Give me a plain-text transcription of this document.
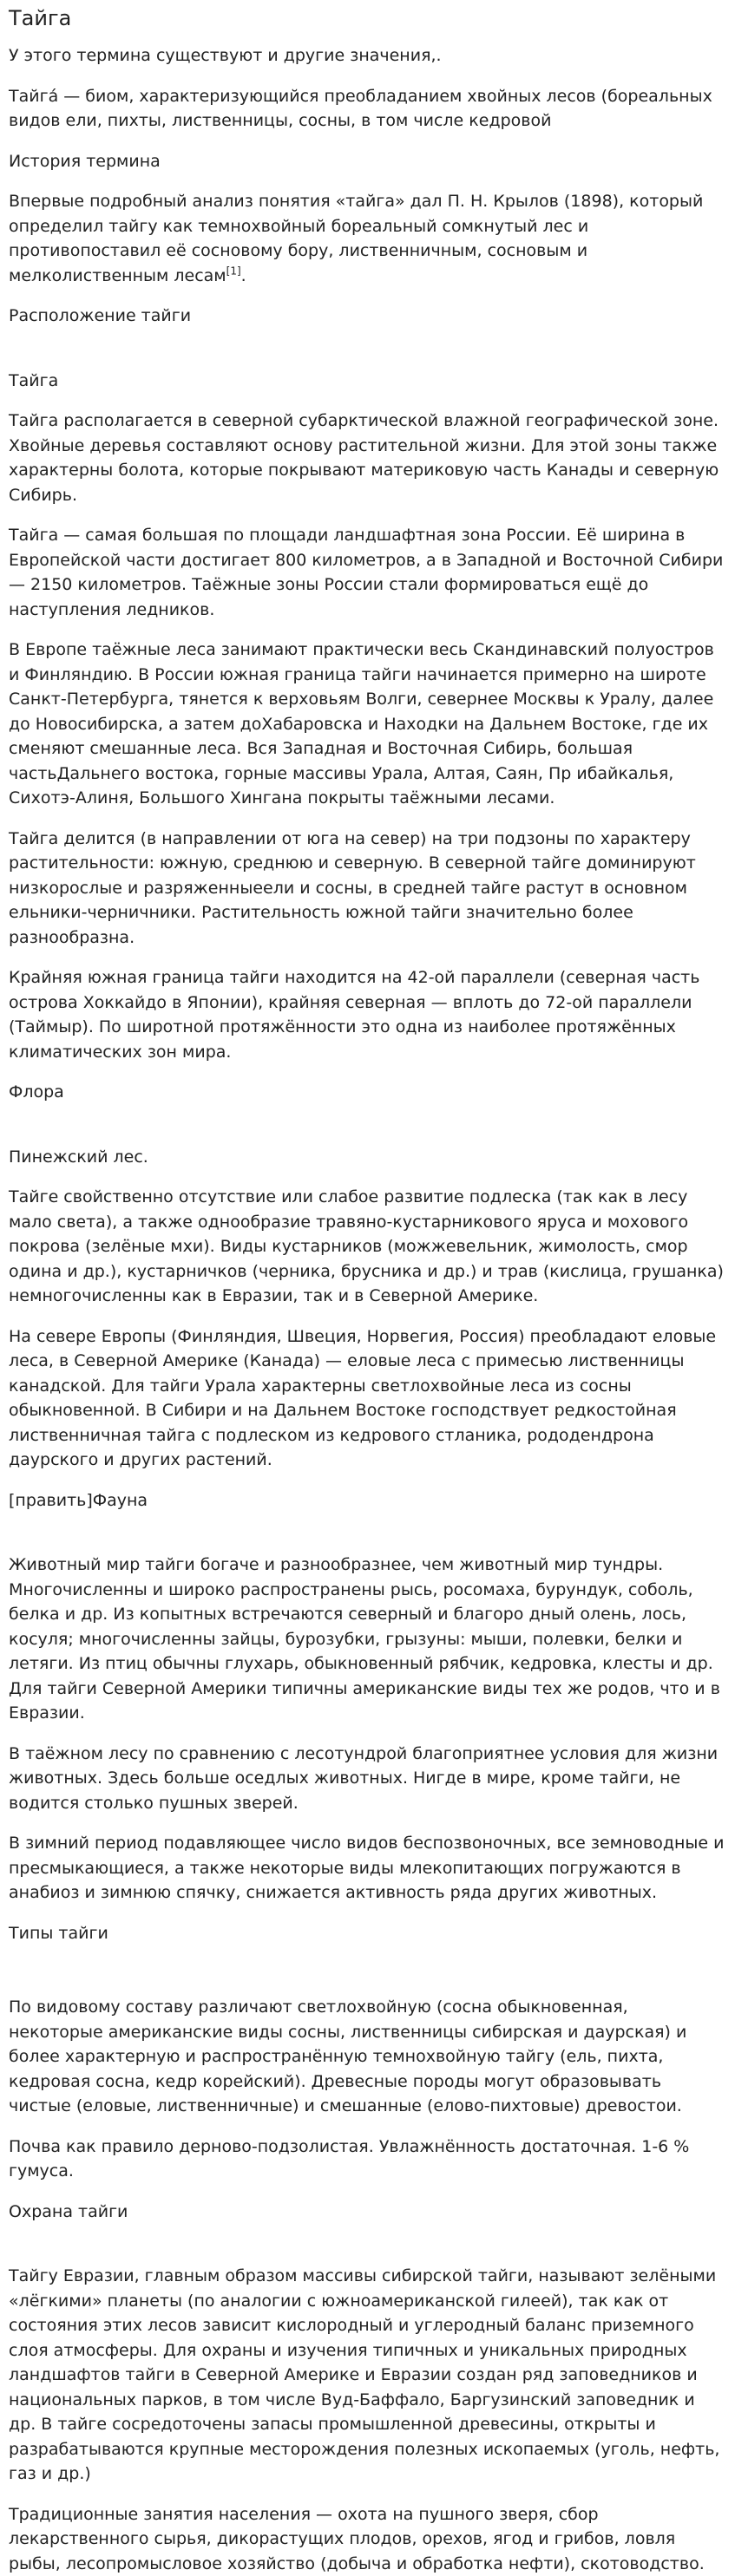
Тайга

У этого термина существуют и другие значения,.

Тайга́ — биом, характеризующийся преобладанием хвойных лесов (бореальных видов ели, пихты, лиственницы, сосны, в том числе кедровой

История термина

Впервые подробный анализ понятия «тайга» дал П. Н. Крылов (1898), который определил тайгу как темнохвойный бореальный сомкнутый лес и противопоставил её сосновому бору, лиственничным, сосновым и мелколиственным лесам[1].

Расположение тайги
Тайга

Тайга располагается в северной субарктической влажной географической зоне. Хвойные деревья составляют основу растительной жизни. Для этой зоны также характерны болота, которые покрывают материковую часть Канады и северную Сибирь.

Тайга — самая большая по площади ландшафтная зона России. Её ширина в Европейской части достигает 800 километров, а в Западной и Восточной Сибири — 2150 километров. Таёжные зоны России стали формироваться ещё до наступления ледников.

В Европе таёжные леса занимают практически весь Скандинавский полуостров и Финляндию. В России южная граница тайги начинается примерно на широте Санкт-Петербурга, тянется к верховьям Волги, севернее Москвы к Уралу, далее до Новосибирска, а затем доХабаровска и Находки на Дальнем Востоке, где их сменяют смешанные леса. Вся Западная и Восточная Сибирь, большая частьДальнего востока, горные массивы Урала, Алтая, Саян, Пр ибайкалья, Сихотэ-Алиня, Большого Хингана покрыты таёжными лесами.

Тайга делится (в направлении от юга на север) на три подзоны по характеру растительности: южную, среднюю и северную. В северной тайге доминируют низкорослые и разряженныеели и сосны, в средней тайге растут в основном ельники-черничники. Растительность южной тайги значительно более разнообразна.

Крайняя южная граница тайги находится на 42-ой параллели (северная часть острова Хоккайдо в Японии), крайняя северная — вплоть до 72-ой параллели (Таймыр). По широтной протяжённости это одна из наиболее протяжённых климатических зон мира.

Флора
Пинежский лес.

Тайге свойственно отсутствие или слабое развитие подлеска (так как в лесу мало света), а также однообразие травяно-кустарникового яруса и мохового покрова (зелёные мхи). Виды кустарников (можжевельник, жимолость, смор одина и др.), кустарничков (черника, брусника и др.) и трав (кислица, грушанка) немногочисленны как в Евразии, так и в Северной Америке.

На севере Европы (Финляндия, Швеция, Норвегия, Россия) преобладают еловые леса, в Северной Америке (Канада) — еловые леса с примесью лиственницы канадской. Для тайги Урала характерны светлохвойные леса из сосны обыкновенной. В Сибири и на Дальнем Востоке господствует редкостойная лиственничная тайга с подлеском из кедрового стланика, рододендрона даурского и других растений.

[править]Фауна

Животный мир тайги богаче и разнообразнее, чем животный мир тундры. Многочисленны и широко распространены рысь, росомаха, бурундук, соболь, белка и др. Из копытных встречаются северный и благоро дный олень, лось, косуля; многочисленны зайцы, бурозубки, грызуны: мыши, полевки, белки и летяги. Из птиц обычны глухарь, обыкновенный рябчик, кедровка, клесты и др. Для тайги Северной Америки типичны американские виды тех же родов, что и в Евразии.

В таёжном лесу по сравнению с лесотундрой благоприятнее условия для жизни животных. Здесь больше оседлых животных. Нигде в мире, кроме тайги, не водится столько пушных зверей.

В зимний период подавляющее число видов беспозвоночных, все земноводные и пресмыкающиеся, а также некоторые виды млекопитающих погружаются в анабиоз и зимнюю спячку, снижается активность ряда других животных.

Типы тайги

По видовому составу различают светлохвойную (сосна обыкновенная, некоторые американские виды сосны, лиственницы сибирская и даурская) и более характерную и распространённую темнохвойную тайгу (ель, пихта, кедровая сосна, кедр корейский). Древесные породы могут образовывать чистые (еловые, лиственничные) и смешанные (елово-пихтовые) древостои.

Почва как правило дерново-подзолистая. Увлажнённость достаточная. 1-6 % гумуса.

Охрана тайги

Тайгу Евразии, главным образом массивы сибирской тайги, называют зелёными «лёгкими» планеты (по аналогии с южноамериканской гилеей), так как от состояния этих лесов зависит кислородный и углеродный баланс приземного слоя атмосферы. Для охраны и изучения типичных и уникальных природных ландшафтов тайги в Северной Америке и Евразии создан ряд заповедников и национальных парков, в том числе Вуд-Баффало, Баргузинский заповедник и др. В тайге сосредоточены запасы промышленной древесины, открыты и разрабатываются крупные месторождения полезных ископаемых (уголь, нефть, газ и др.)

Традиционные занятия населения — охота на пушного зверя, сбор лекарственного сырья, дикорастущих плодов, орехов, ягод и грибов, ловля рыбы, лесопромысловое хозяйство (добыча и обработка нефти), скотоводство.
